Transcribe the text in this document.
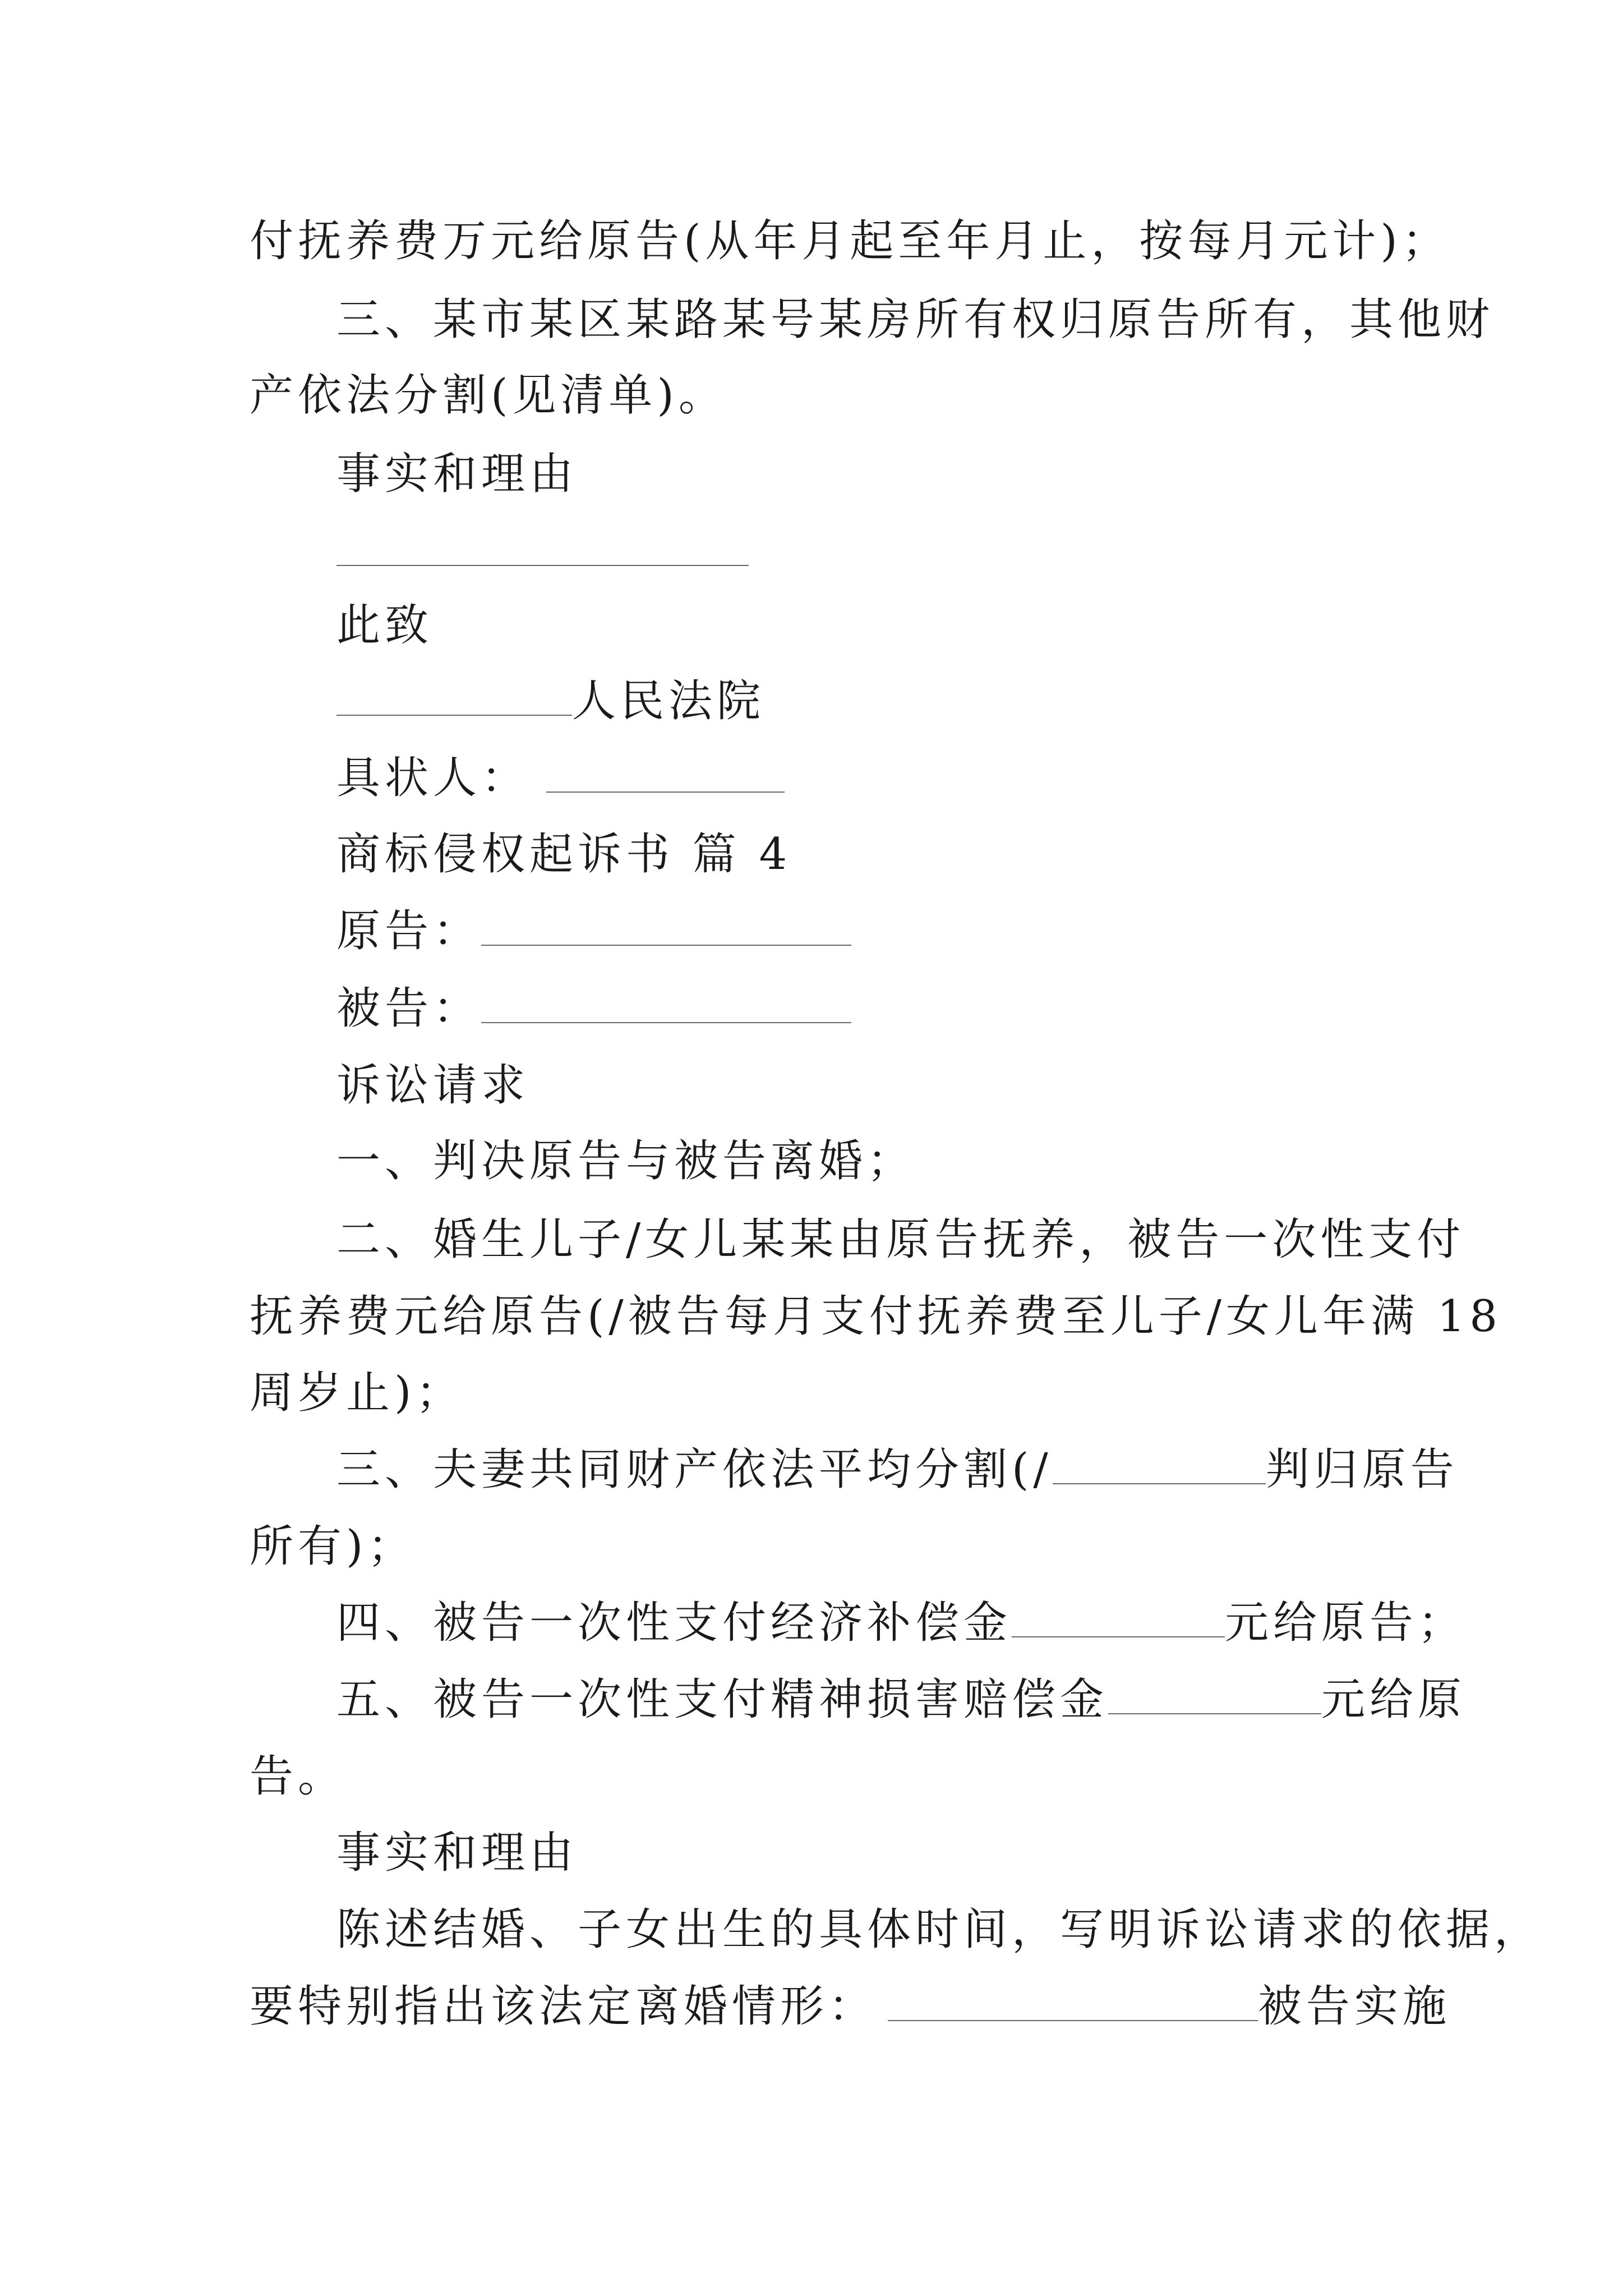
付抚养费万元给原告(从年月起至年月止，按每月元计)；
三、某市某区某路某号某房所有权归原告所有，其他财
产依法分割(见清单)。
事实和理由
此致
人民法院
具状人：
商标侵权起诉书 篇 4
原告：
被告：
诉讼请求
一、判决原告与被告离婚；
二、婚生儿子/女儿某某由原告抚养，被告一次性支付
抚养费元给原告(/被告每月支付抚养费至儿子/女儿年满 18
周岁止)；
三、夫妻共同财产依法平均分割(/	判归原告
所有)；
四、被告一次性支付经济补偿金	元给原告；
五、被告一次性支付精神损害赔偿金	元给原
告。
事实和理由
陈述结婚、子女出生的具体时间，写明诉讼请求的依据，
要特别指出该法定离婚情形：	被告实施
